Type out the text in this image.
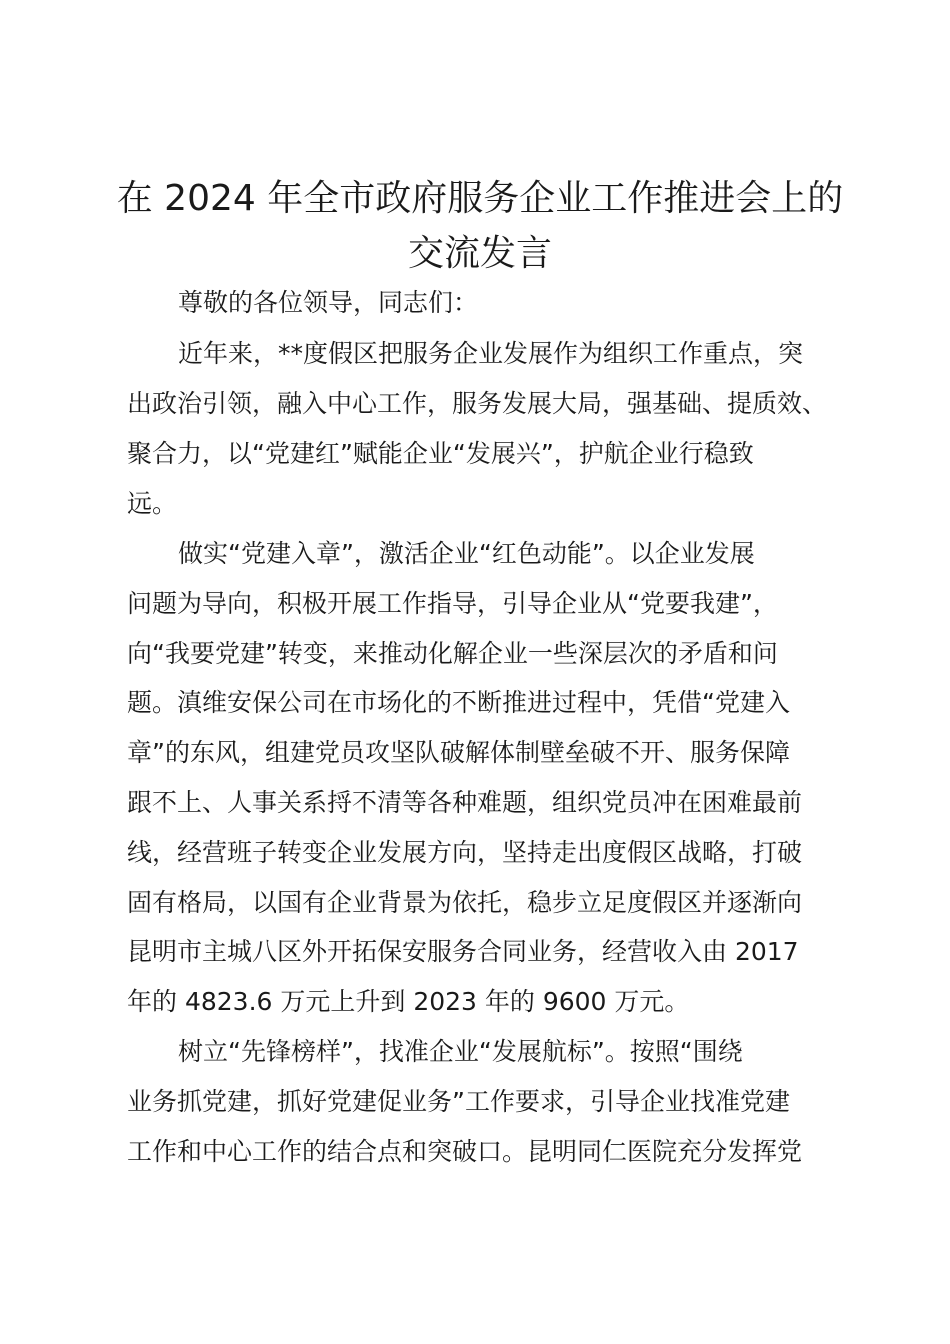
在 2024 年全市政府服务企业工作推进会上的
交流发言

尊敬的各位领导，同志们：

近年来，**度假区把服务企业发展作为组织工作重点，突

出政治引领，融入中心工作，服务发展大局，强基础、提质效、

聚合力，以“党建红”赋能企业“发展兴”，护航企业行稳致

远。

做实“党建入章”，激活企业“红色动能”。以企业发展

问题为导向，积极开展工作指导，引导企业从“党要我建”，

向“我要党建”转变，来推动化解企业一些深层次的矛盾和问

题。滇维安保公司在市场化的不断推进过程中，凭借“党建入

章”的东风，组建党员攻坚队破解体制壁垒破不开、服务保障

跟不上、人事关系捋不清等各种难题，组织党员冲在困难最前

线，经营班子转变企业发展方向，坚持走出度假区战略，打破

固有格局，以国有企业背景为依托，稳步立足度假区并逐渐向

昆明市主城八区外开拓保安服务合同业务，经营收入由 2017

年的 4823.6 万元上升到 2023 年的 9600 万元。

树立“先锋榜样”，找准企业“发展航标”。按照“围绕

业务抓党建，抓好党建促业务”工作要求，引导企业找准党建

工作和中心工作的结合点和突破口。昆明同仁医院充分发挥党
